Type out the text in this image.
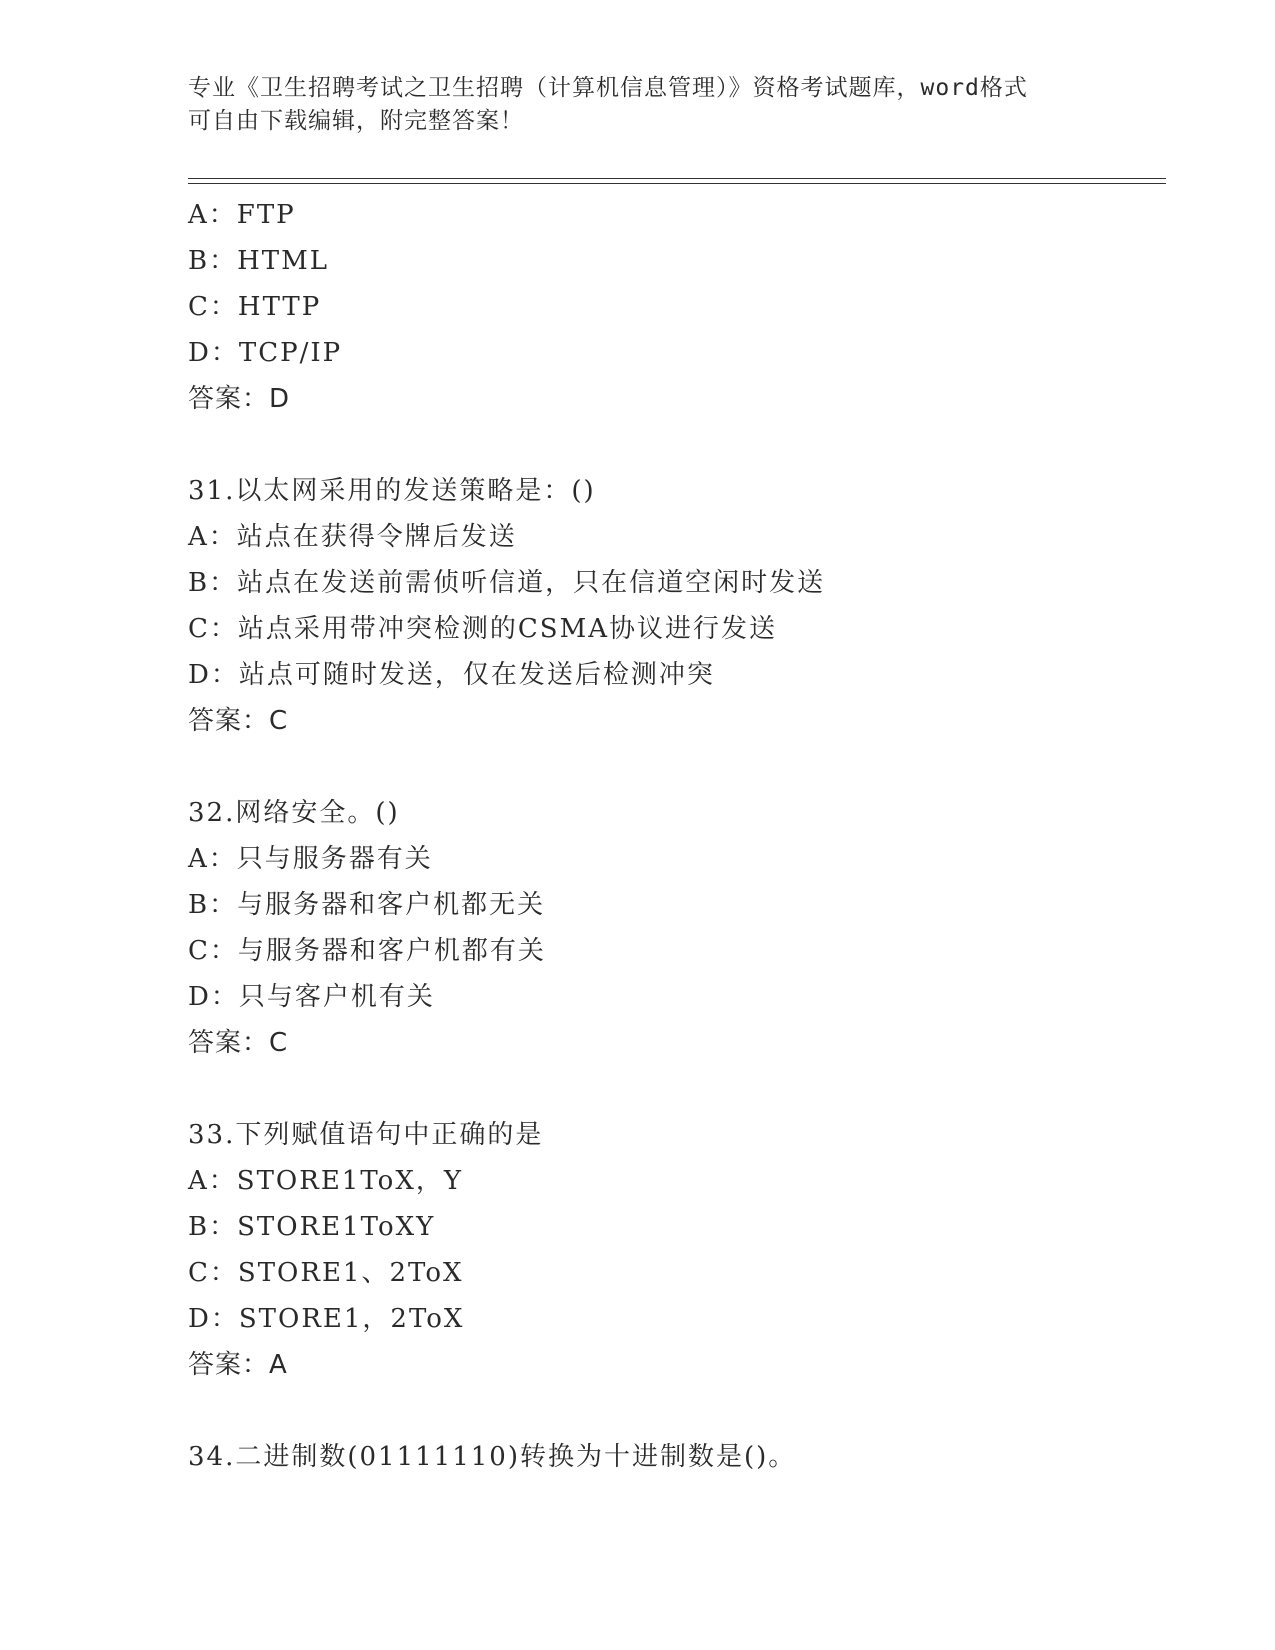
专业《卫生招聘考试之卫生招聘（计算机信息管理）》资格考试题库，word格式
可自由下载编辑，附完整答案！
A：FTP
B：HTML
C：HTTP
D：TCP/IP
答案：D
31.以太网采用的发送策略是：()
A：站点在获得令牌后发送
B：站点在发送前需侦听信道，只在信道空闲时发送
C：站点采用带冲突检测的CSMA协议进行发送
D：站点可随时发送，仅在发送后检测冲突
答案：C
32.网络安全。()
A：只与服务器有关
B：与服务器和客户机都无关
C：与服务器和客户机都有关
D：只与客户机有关
答案：C
33.下列赋值语句中正确的是
A：STORE1ToX，Y
B：STORE1ToXY
C：STORE1、2ToX
D：STORE1，2ToX
答案：A
34.二进制数(01111110)转换为十进制数是()。
